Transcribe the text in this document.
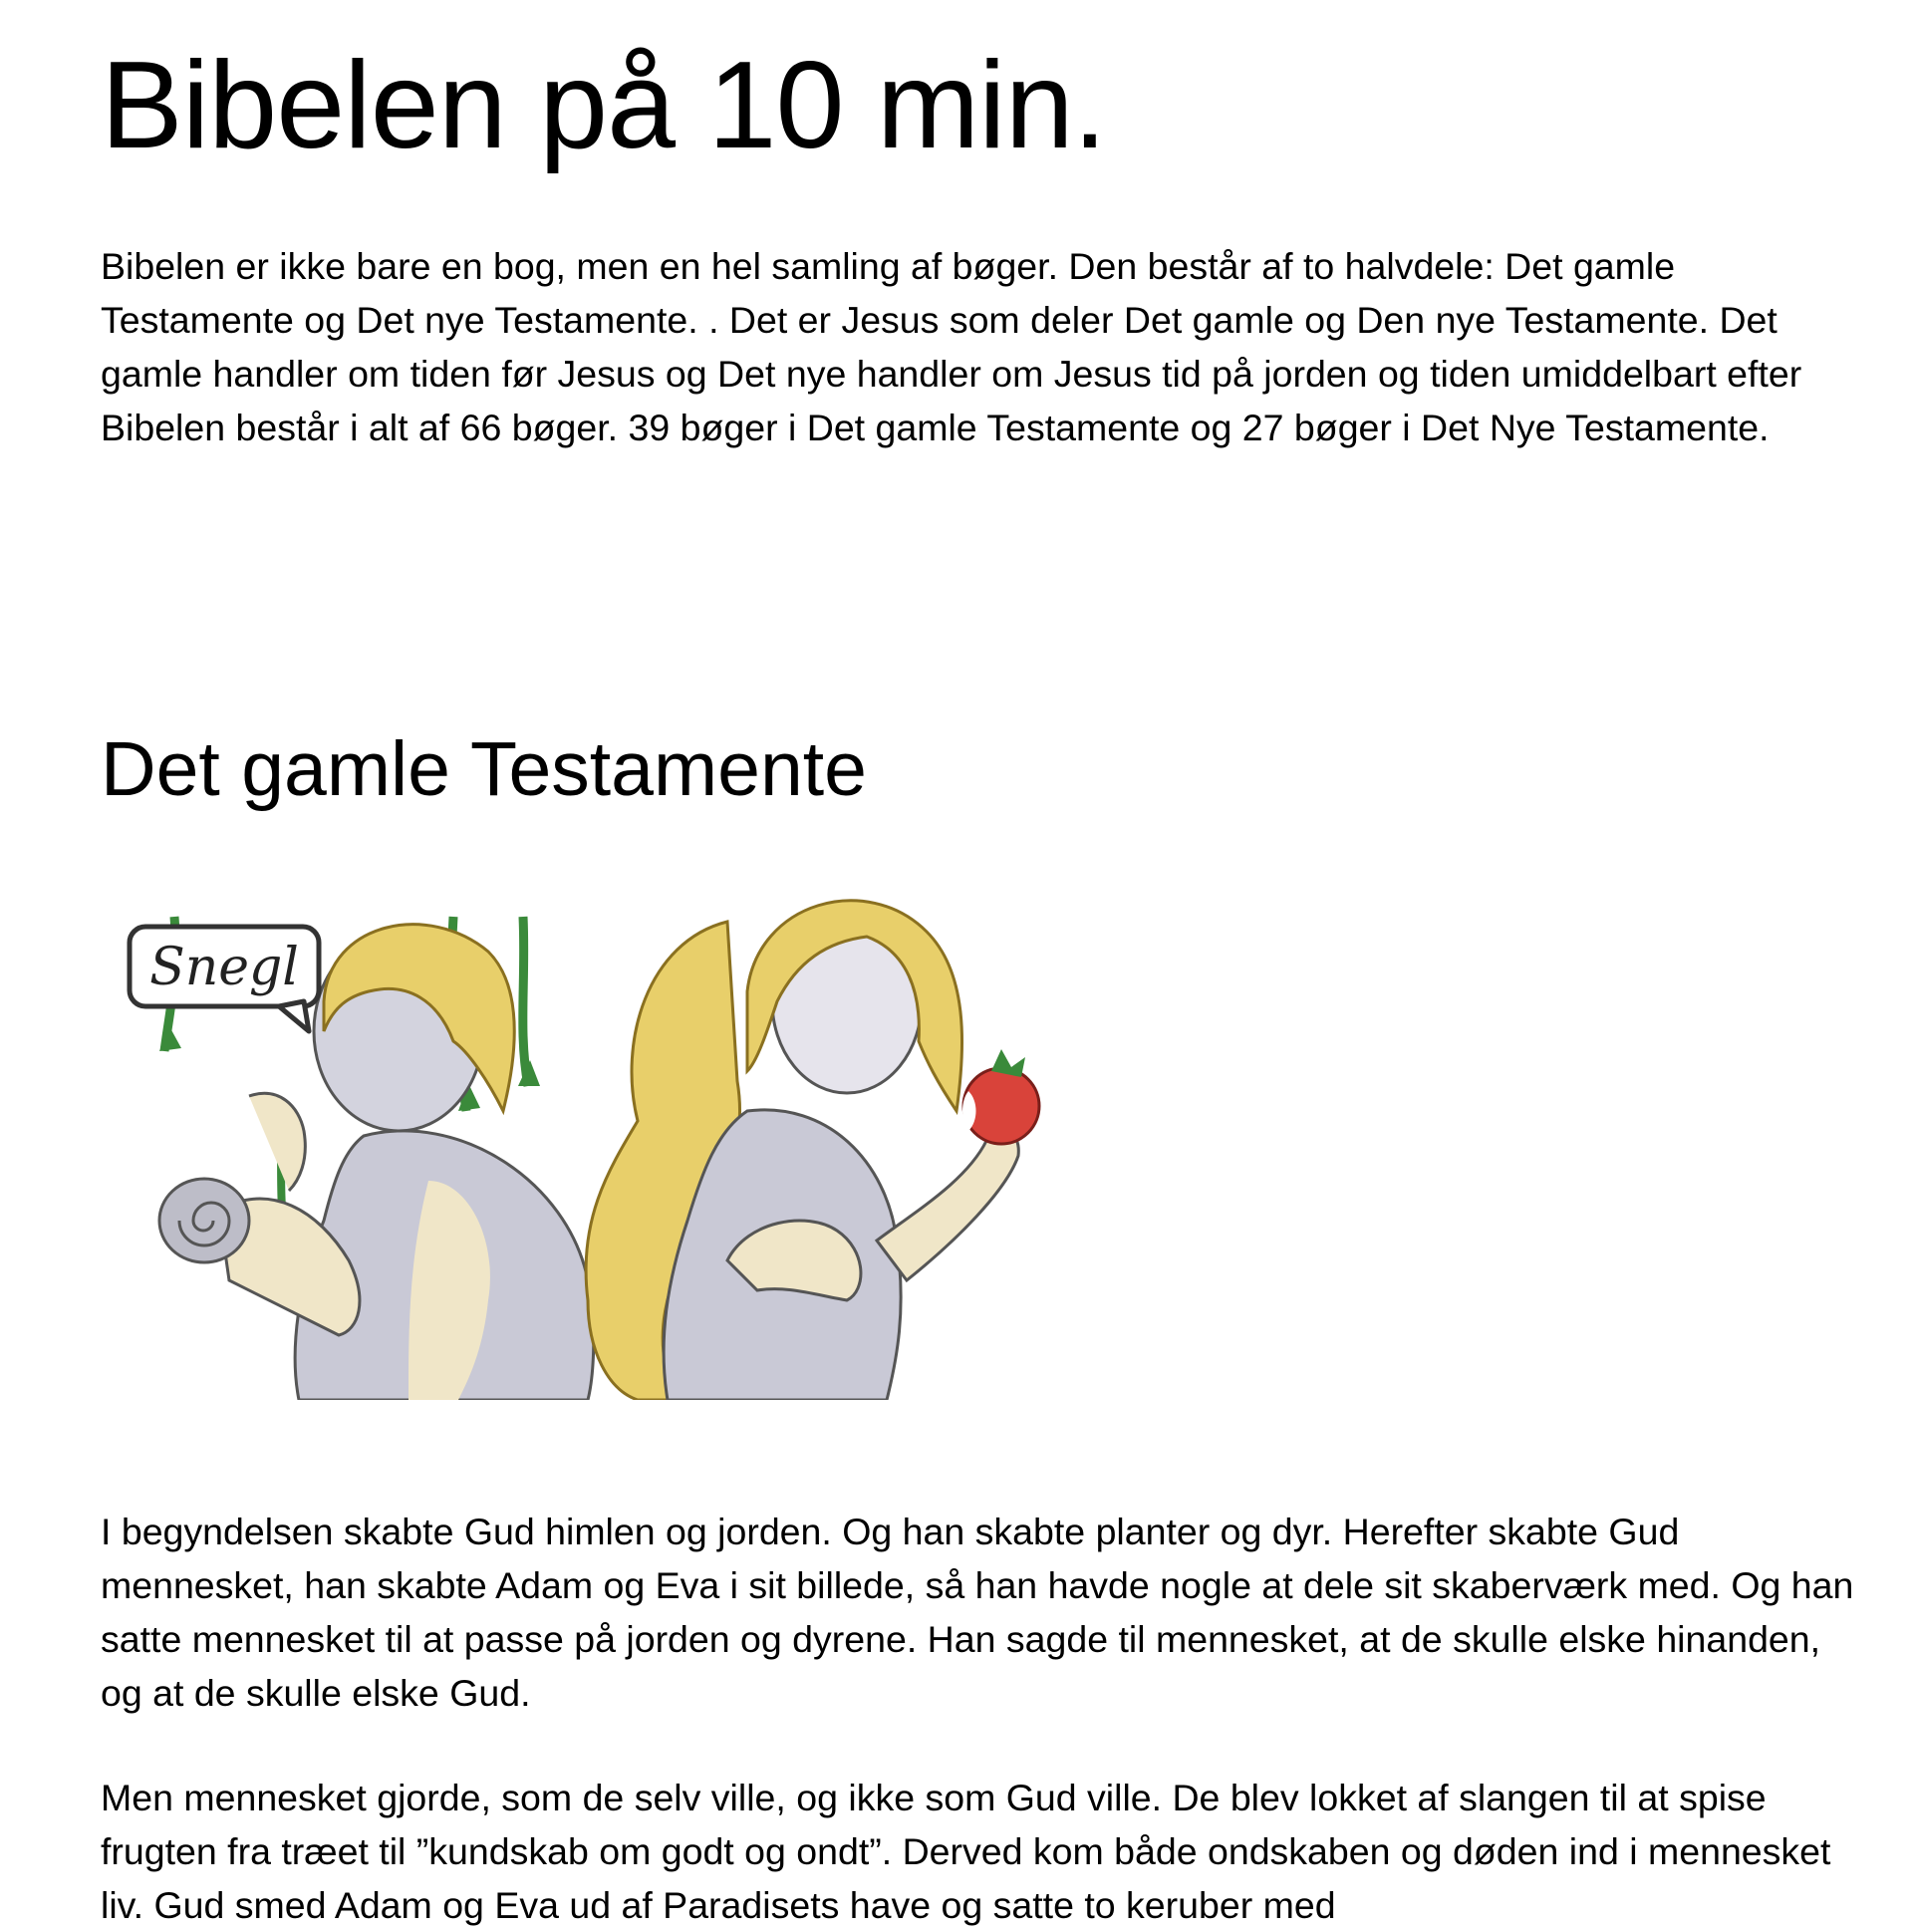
Bibelen på 10 min.

Bibelen er ikke bare en bog, men en hel samling af bøger. Den består af to halvdele: Det gamle Testamente og Det nye Testamente. . Det er Jesus som deler Det gamle og Den nye Testamente. Det gamle handler om tiden før Jesus og Det nye handler om Jesus tid på jorden og tiden umiddelbart efter

Bibelen består i alt af 66 bøger. 39 bøger i Det gamle Testamente og 27 bøger i Det Nye Testamente.

Det gamle Testamente
Snegl

I begyndelsen skabte Gud himlen og jorden. Og han skabte planter og dyr. Herefter skabte Gud mennesket, han skabte Adam og Eva i sit billede, så han havde nogle at dele sit skaberværk med. Og han satte mennesket til at passe på jorden og dyrene. Han sagde til mennesket, at de skulle elske hinanden, og at de skulle elske Gud.

Men mennesket gjorde, som de selv ville, og ikke som Gud ville. De blev lokket af slangen til at spise frugten fra træet til ”kundskab om godt og ondt”. Derved kom både ondskaben og døden ind i mennesket liv. Gud smed Adam og Eva ud af Paradisets have og satte to keruber med
